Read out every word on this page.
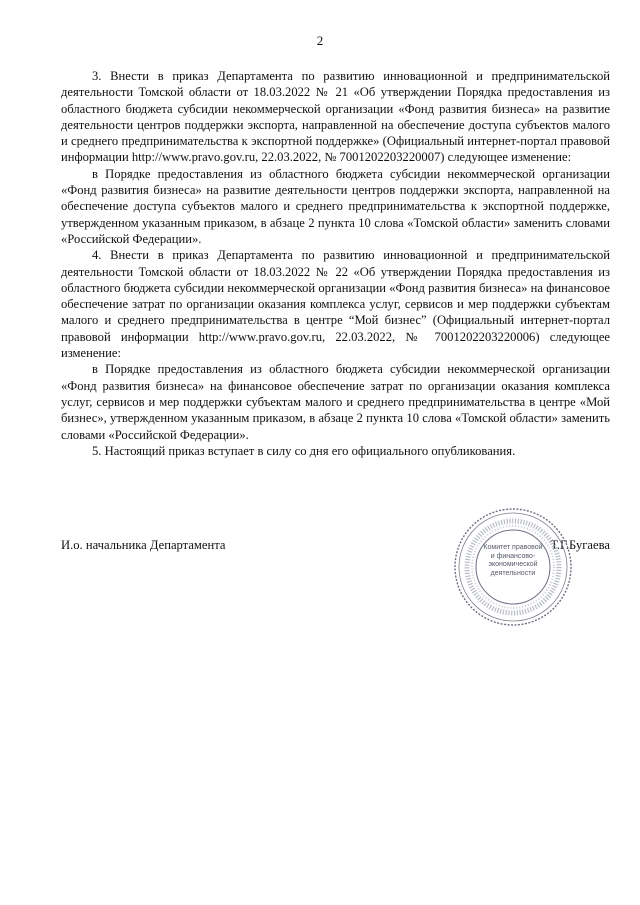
2

3. Внести в приказ Департамента по развитию инновационной и предпринимательской деятельности Томской области от 18.03.2022 № 21 «Об утверждении Порядка предоставления из областного бюджета субсидии некоммерческой организации «Фонд развития бизнеса» на развитие деятельности центров поддержки экспорта, направленной на обеспечение доступа субъектов малого и среднего предпринимательства к экспортной поддержке» (Официальный интернет-портал правовой информации http://www.pravo.gov.ru, 22.03.2022, № 7001202203220007) следующее изменение:

в Порядке предоставления из областного бюджета субсидии некоммерческой организации «Фонд развития бизнеса» на развитие деятельности центров поддержки экспорта, направленной на обеспечение доступа субъектов малого и среднего предпринимательства к экспортной поддержке, утвержденном указанным приказом, в абзаце 2 пункта 10 слова «Томской области» заменить словами «Российской Федерации».

4. Внести в приказ Департамента по развитию инновационной и предпринимательской деятельности Томской области от 18.03.2022 № 22 «Об утверждении Порядка предоставления из областного бюджета субсидии некоммерческой организации «Фонд развития бизнеса» на финансовое обеспечение затрат по организации оказания комплекса услуг, сервисов и мер поддержки субъектам малого и среднего предпринимательства в центре “Мой бизнес” (Официальный интернет-портал правовой информации http://www.pravo.gov.ru, 22.03.2022, № 7001202203220006) следующее изменение:

в Порядке предоставления из областного бюджета субсидии некоммерческой организации «Фонд развития бизнеса» на финансовое обеспечение затрат по организации оказания комплекса услуг, сервисов и мер поддержки субъектам малого и среднего предпринимательства в центре «Мой бизнес», утвержденном указанным приказом, в абзаце 2 пункта 10 слова «Томской области» заменить словами «Российской Федерации».

5. Настоящий приказ вступает в силу со дня его официального опубликования.

И.о. начальника Департамента	Т.Г.Бугаева
Комитет правовой и финансово-экономической деятельности
